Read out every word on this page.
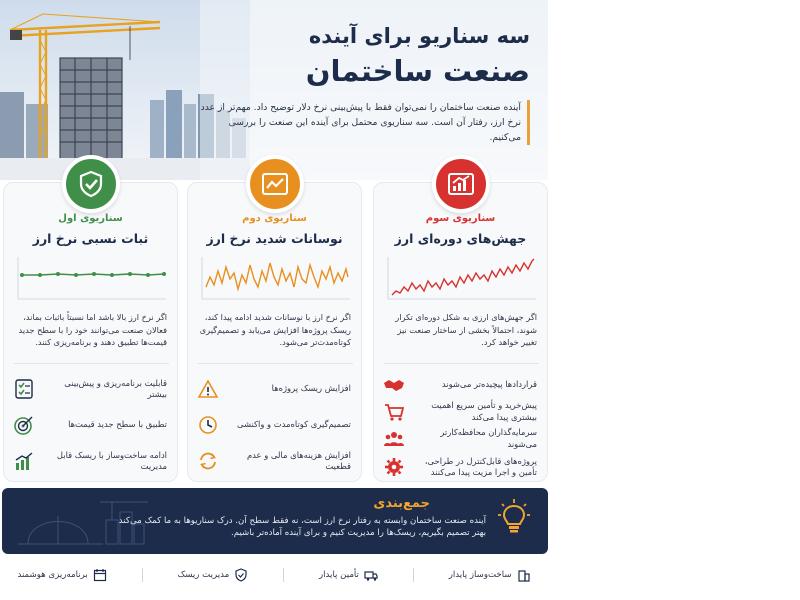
سه سناریو برای آینده
صنعت ساختمان
آینده صنعت ساختمان را نمی‌توان فقط با پیش‌بینی نرخ دلار توضیح داد. مهم‌تر از عدد نرخ ارز، رفتار آن است. سه سناریوی محتمل برای آینده این صنعت را بررسی می‌کنیم.
سناریوی اول
ثبات نسبی نرخ ارز
اگر نرخ ارز بالا باشد اما نسبتاً باثبات بماند، فعالان صنعت می‌توانند خود را با سطح جدید قیمت‌ها تطبیق دهند و برنامه‌ریزی کنند.
قابلیت برنامه‌ریزی و پیش‌بینی بیشتر
تطبیق با سطح جدید قیمت‌ها
ادامه ساخت‌وساز با ریسک قابل مدیریت
سناریوی دوم
نوسانات شدید نرخ ارز
اگر نرخ ارز با نوسانات شدید ادامه پیدا کند، ریسک پروژه‌ها افزایش می‌یابد و تصمیم‌گیری کوتاه‌مدت‌تر می‌شود.
افزایش ریسک پروژه‌ها
تصمیم‌گیری کوتاه‌مدت و واکنشی
افزایش هزینه‌های مالی و عدم قطعیت
سناریوی سوم
جهش‌های دوره‌ای ارز
اگر جهش‌های ارزی به شکل دوره‌ای تکرار شوند، احتمالاً بخشی از ساختار صنعت نیز تغییر خواهد کرد.
قراردادها پیچیده‌تر می‌شوند
پیش‌خرید و تأمین سریع اهمیت بیشتری پیدا می‌کند
سرمایه‌گذاران محافظه‌کارتر می‌شوند
پروژه‌های قابل‌کنترل در طراحی، تأمین و اجرا مزیت پیدا می‌کنند
جمع‌بندی
آینده صنعت ساختمان وابسته به رفتار نرخ ارز است، نه فقط سطح آن. درک سناریوها به ما کمک می‌کند بهتر تصمیم بگیریم، ریسک‌ها را مدیریت کنیم و برای آینده آماده‌تر باشیم.
ساخت‌وساز پایدار
تأمین پایدار
مدیریت ریسک
برنامه‌ریزی هوشمند
